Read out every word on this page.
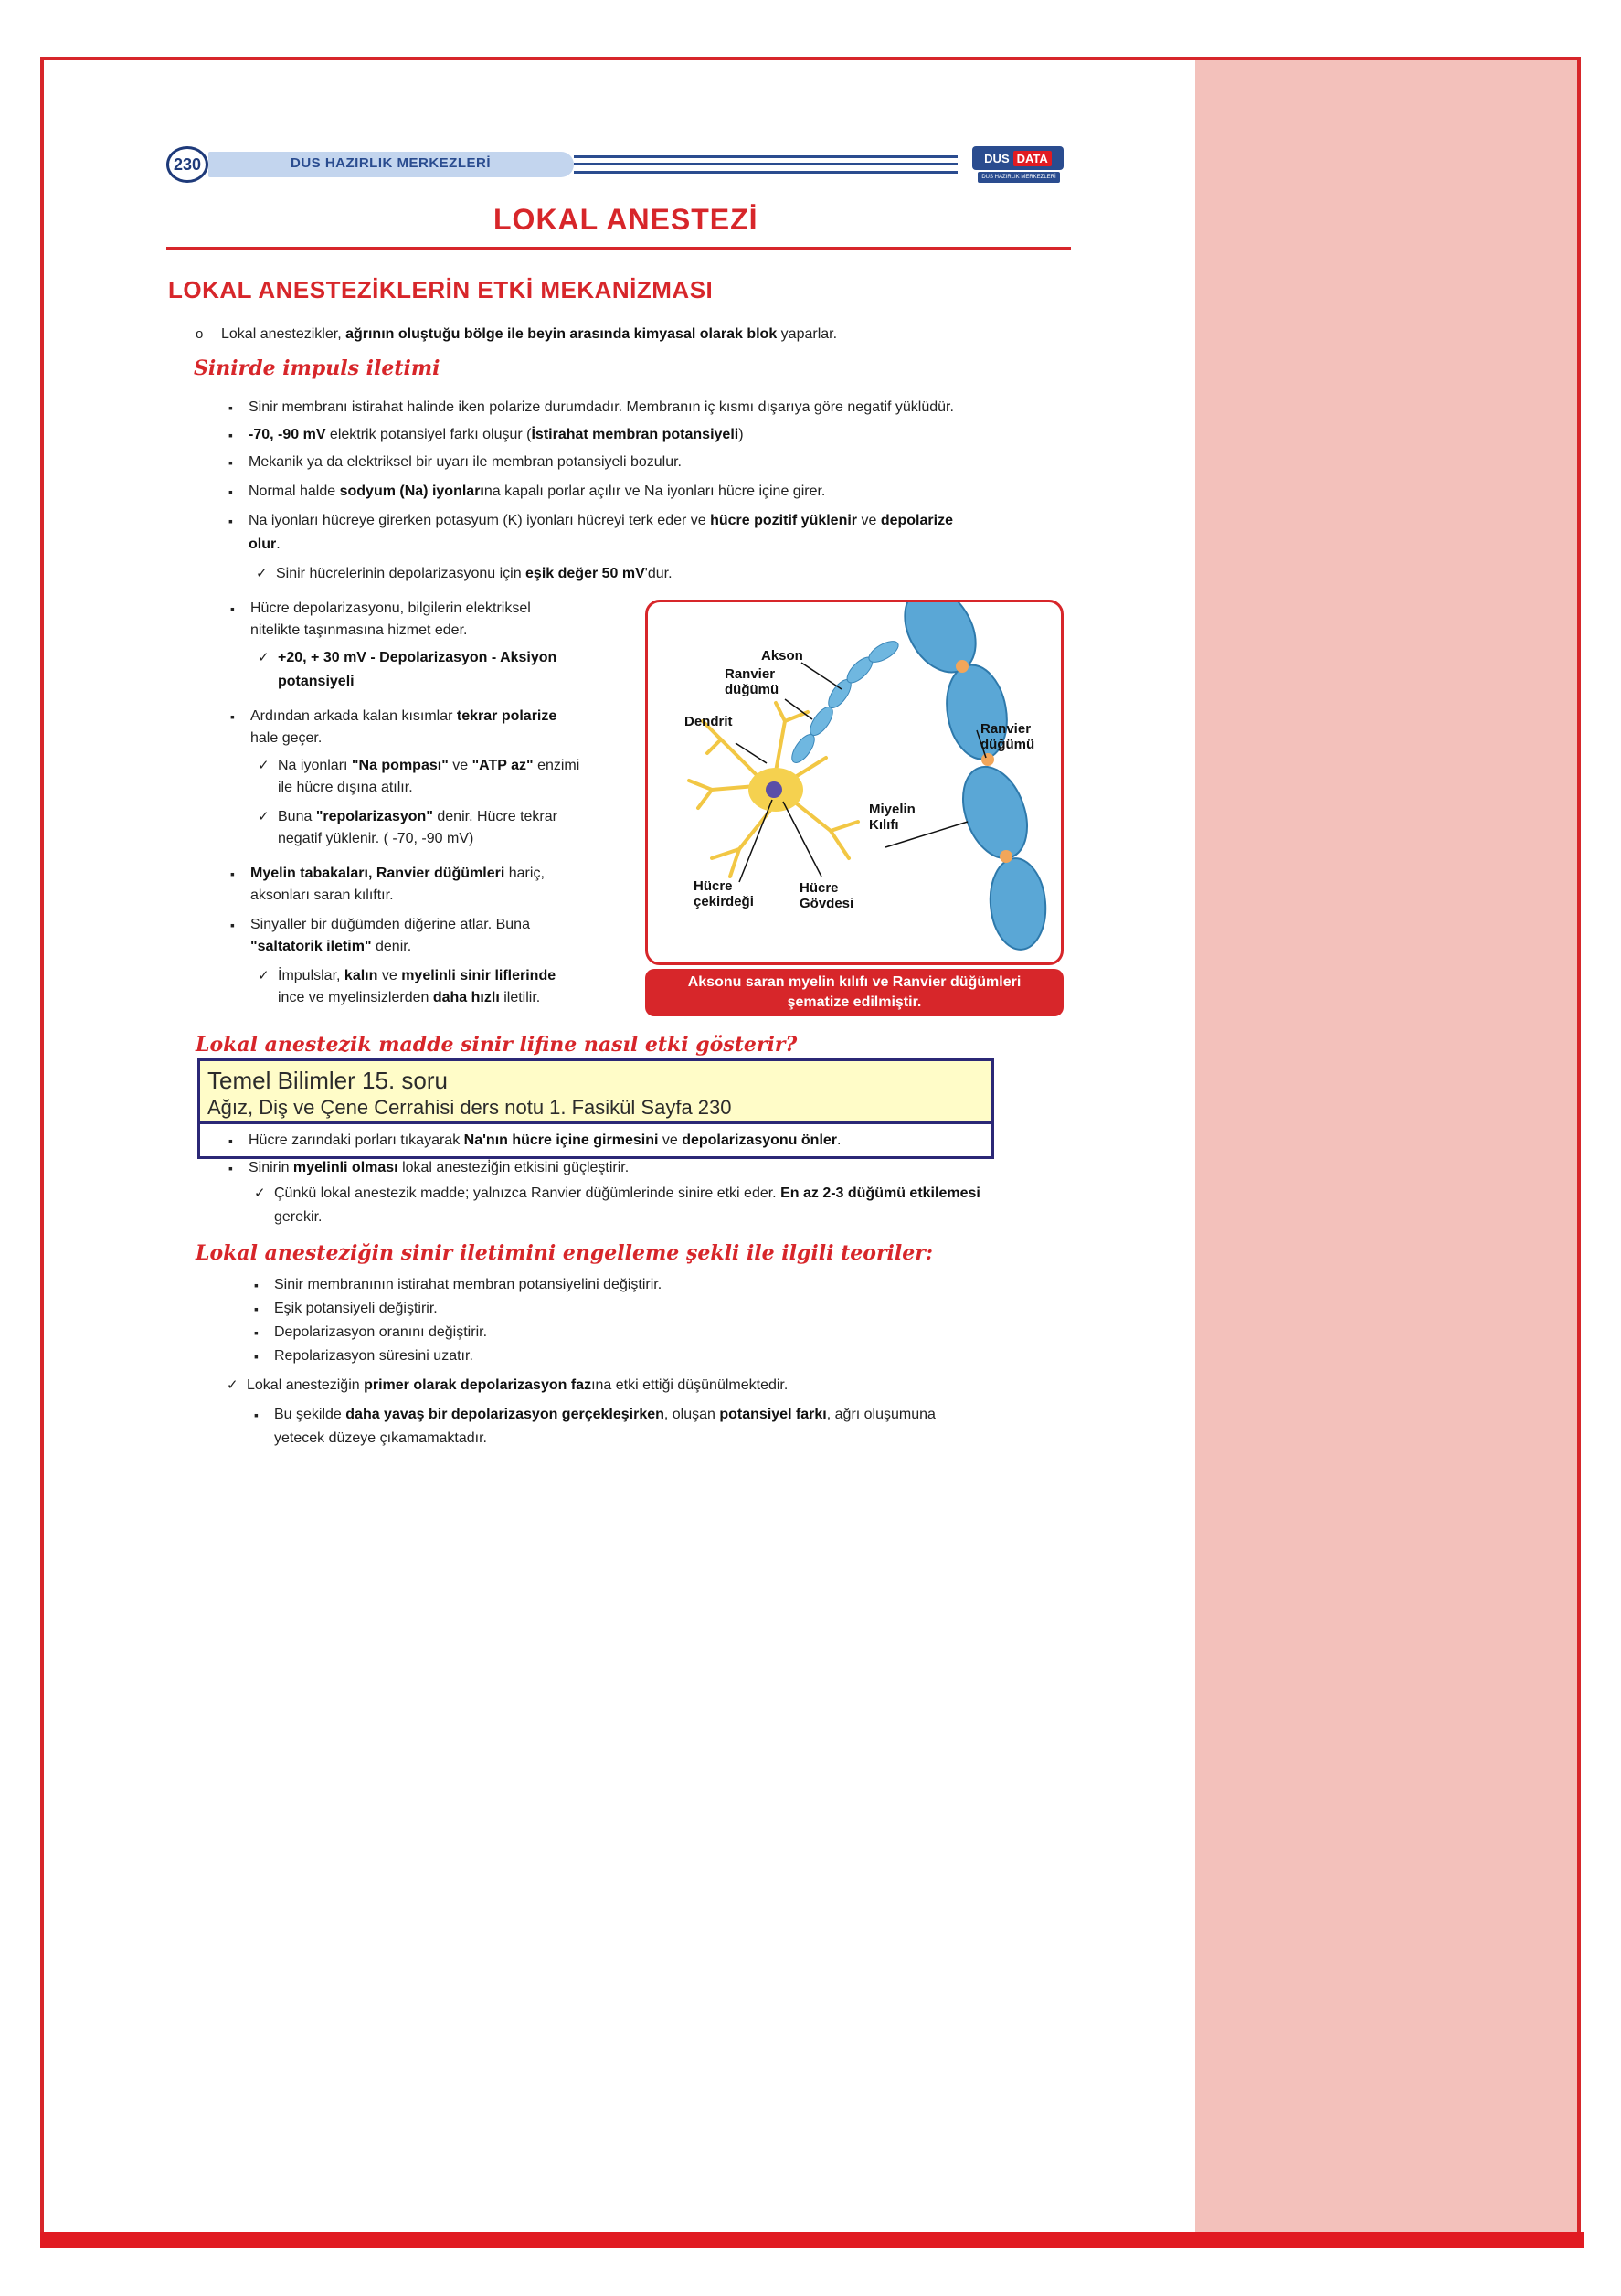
230	DUS HAZIRLIK MERKEZLERİ	DUS DATA
DUS HAZIRLIK MERKEZLERİ
LOKAL ANESTEZİ
LOKAL ANESTEZİKLERİN ETKİ MEKANİZMASI
o Lokal anestezikler, ağrının oluştuğu bölge ile beyin arasında kimyasal olarak blok yaparlar.
Sinirde impuls iletimi
▪ Sinir membranı istirahat halinde iken polarize durumdadır. Membranın iç kısmı dışarıya göre negatif yüklüdür.
▪ -70, -90 mV elektrik potansiyel farkı oluşur (İstirahat membran potansiyeli)
▪ Mekanik ya da elektriksel bir uyarı ile membran potansiyeli bozulur.
▪ Normal halde sodyum (Na) iyonlarına kapalı porlar açılır ve Na iyonları hücre içine girer.
▪ Na iyonları hücreye girerken potasyum (K) iyonları hücreyi terk eder ve hücre pozitif yüklenir ve depolarize
olur.
✓ Sinir hücrelerinin depolarizasyonu için eşik değer 50 mV'dur.
▪ Hücre depolarizasyonu, bilgilerin elektriksel
nitelikte taşınmasına hizmet eder.
✓ +20, + 30 mV - Depolarizasyon - Aksiyon
potansiyeli
▪ Ardından arkada kalan kısımlar tekrar polarize
hale geçer.
✓ Na iyonları "Na pompası" ve "ATP az" enzimi
ile hücre dışına atılır.
✓ Buna "repolarizasyon" denir. Hücre tekrar
negatif yüklenir. ( -70, -90 mV)
▪ Myelin tabakaları, Ranvier düğümleri hariç,
aksonları saran kılıftır.
▪ Sinyaller bir düğümden diğerine atlar. Buna
"saltatorik iletim" denir.
✓ İmpulslar, kalın ve myelinli sinir liflerinde
ince ve myelinsizlerden daha hızlı iletilir.
Akson
Ranvier
düğümü
Dendrit	Ranvier
düğümü
Miyelin
Kılıfı
Hücre
çekirdeği
Hücre
Gövdesi
Aksonu saran myelin kılıfı ve Ranvier düğümleri
şematize edilmiştir.
Lokal anestezik madde sinir lifine nasıl etki gösterir?
Temel Bilimler 15. soru
Ağız, Diş ve Çene Cerrahisi ders notu 1. Fasikül Sayfa 230
▪ Hücre zarındaki porları tıkayarak Na'nın hücre içine girmesini ve depolarizasyonu önler.
▪ Sinirin myelinli olması lokal anestezi̇ğin etkisini güçleştirir.
✓ Çünkü lokal anestezik madde; yalnızca Ranvier düğümlerinde sinire etki eder. En az 2-3 düğümü etkilemesi
gerekir.
Lokal anesteziğin sinir iletimini engelleme şekli ile ilgili teoriler:
▪ Sinir membranının istirahat membran potansiyelini değiştirir.
▪ Eşik potansiyeli değiştirir.
▪ Depolarizasyon oranını değiştirir.
▪ Repolarizasyon süresini uzatır.
✓ Lokal anesteziğin primer olarak depolarizasyon fazına etki ettiği düşünülmektedir.
▪ Bu şekilde daha yavaş bir depolarizasyon gerçekleşirken, oluşan potansiyel farkı, ağrı oluşumuna
yetecek düzeye çıkamamaktadır.
